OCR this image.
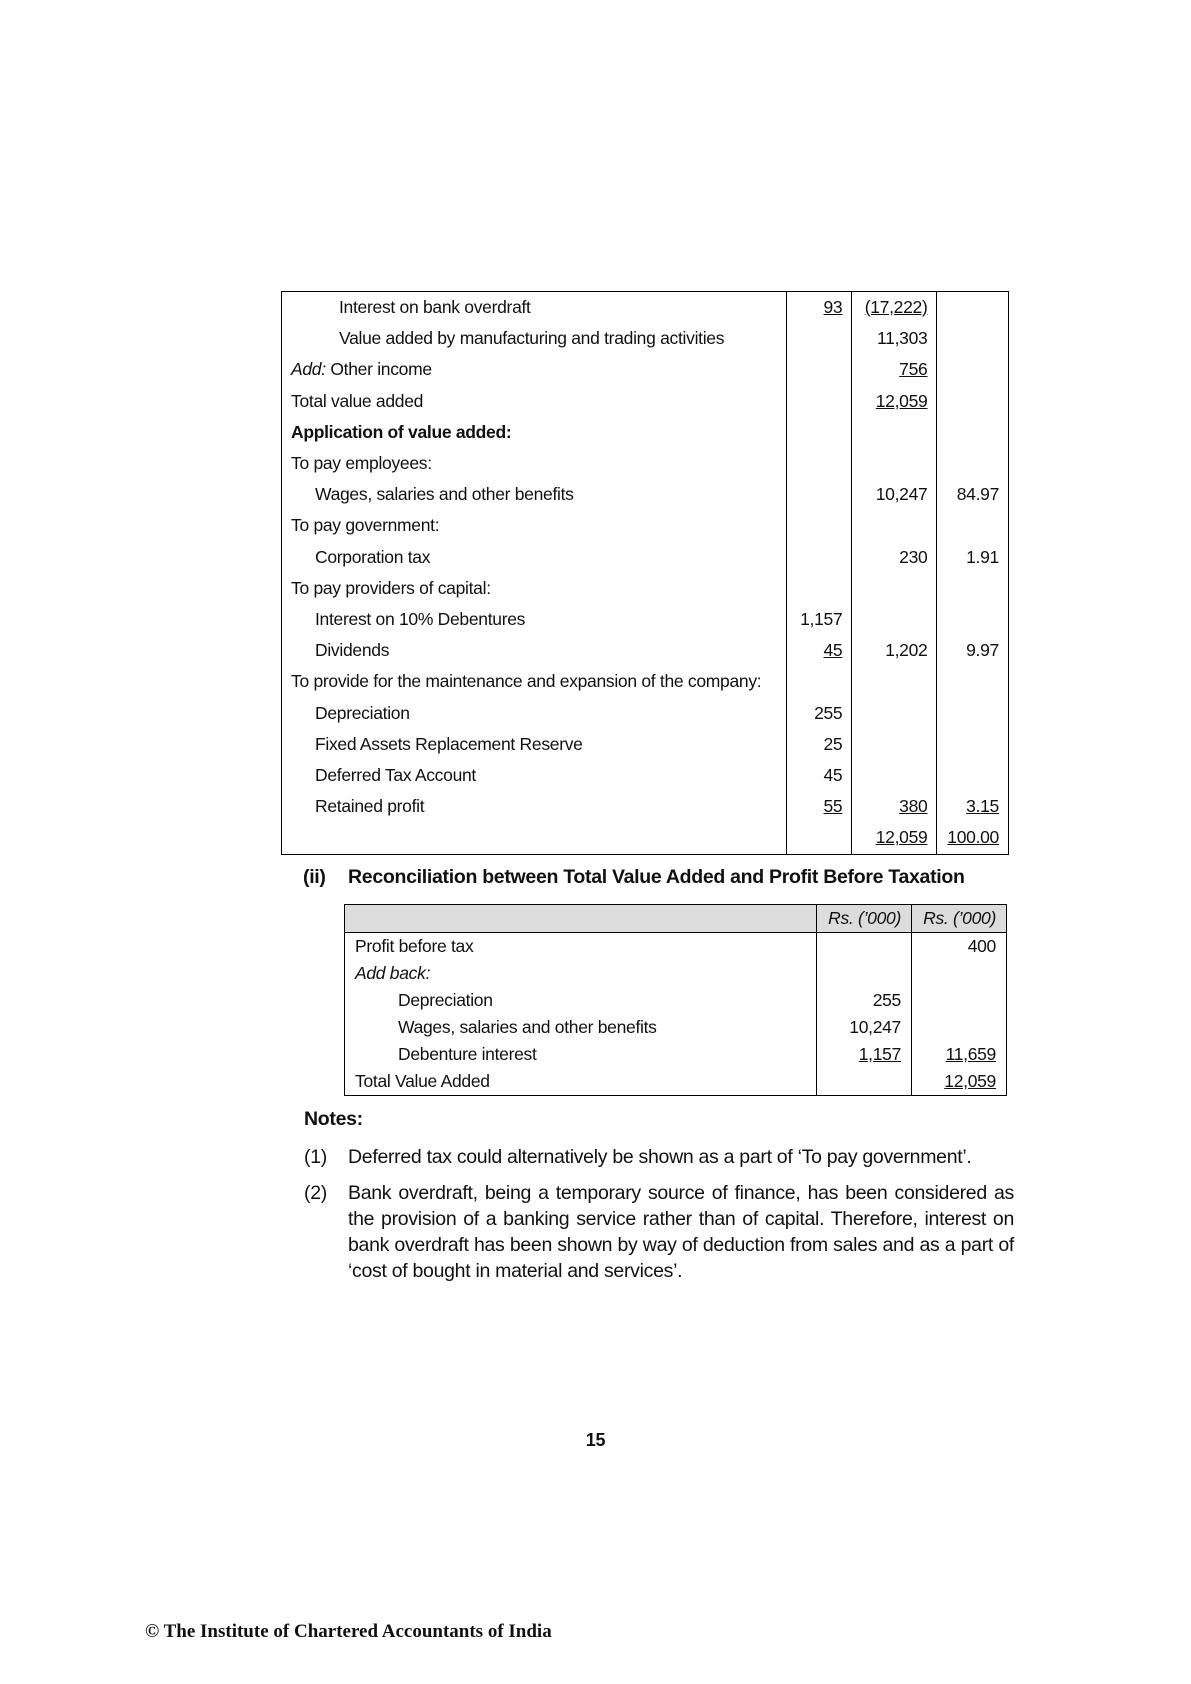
Interest on bank overdraft	93	(17,222)	
Value added by manufacturing and trading activities		11,303	
Add: Other income		756	
Total value added		12,059	
Application of value added:			
To pay employees:			
Wages, salaries and other benefits		10,247	84.97
To pay government:			
Corporation tax		230	1.91
To pay providers of capital:			
Interest on 10% Debentures	1,157		
Dividends	45	1,202	9.97
To provide for the maintenance and expansion of the company:			
Depreciation	255		
Fixed Assets Replacement Reserve	25		
Deferred Tax Account	45		
Retained profit	55	380	3.15
		12,059	100.00
(ii) Reconciliation between Total Value Added and Profit Before Taxation
	Rs. (’000)	Rs. (’000)
Profit before tax		400
Add back:		
Depreciation	255	
Wages, salaries and other benefits	10,247	
Debenture interest	1,157	11,659
Total Value Added		12,059
Notes:
(1) Deferred tax could alternatively be shown as a part of ‘To pay government’.
(2) Bank overdraft, being a temporary source of finance, has been considered as the provision of a banking service rather than of capital. Therefore, interest on bank overdraft has been shown by way of deduction from sales and as a part of ‘cost of bought in material and services’.
15
© The Institute of Chartered Accountants of India
